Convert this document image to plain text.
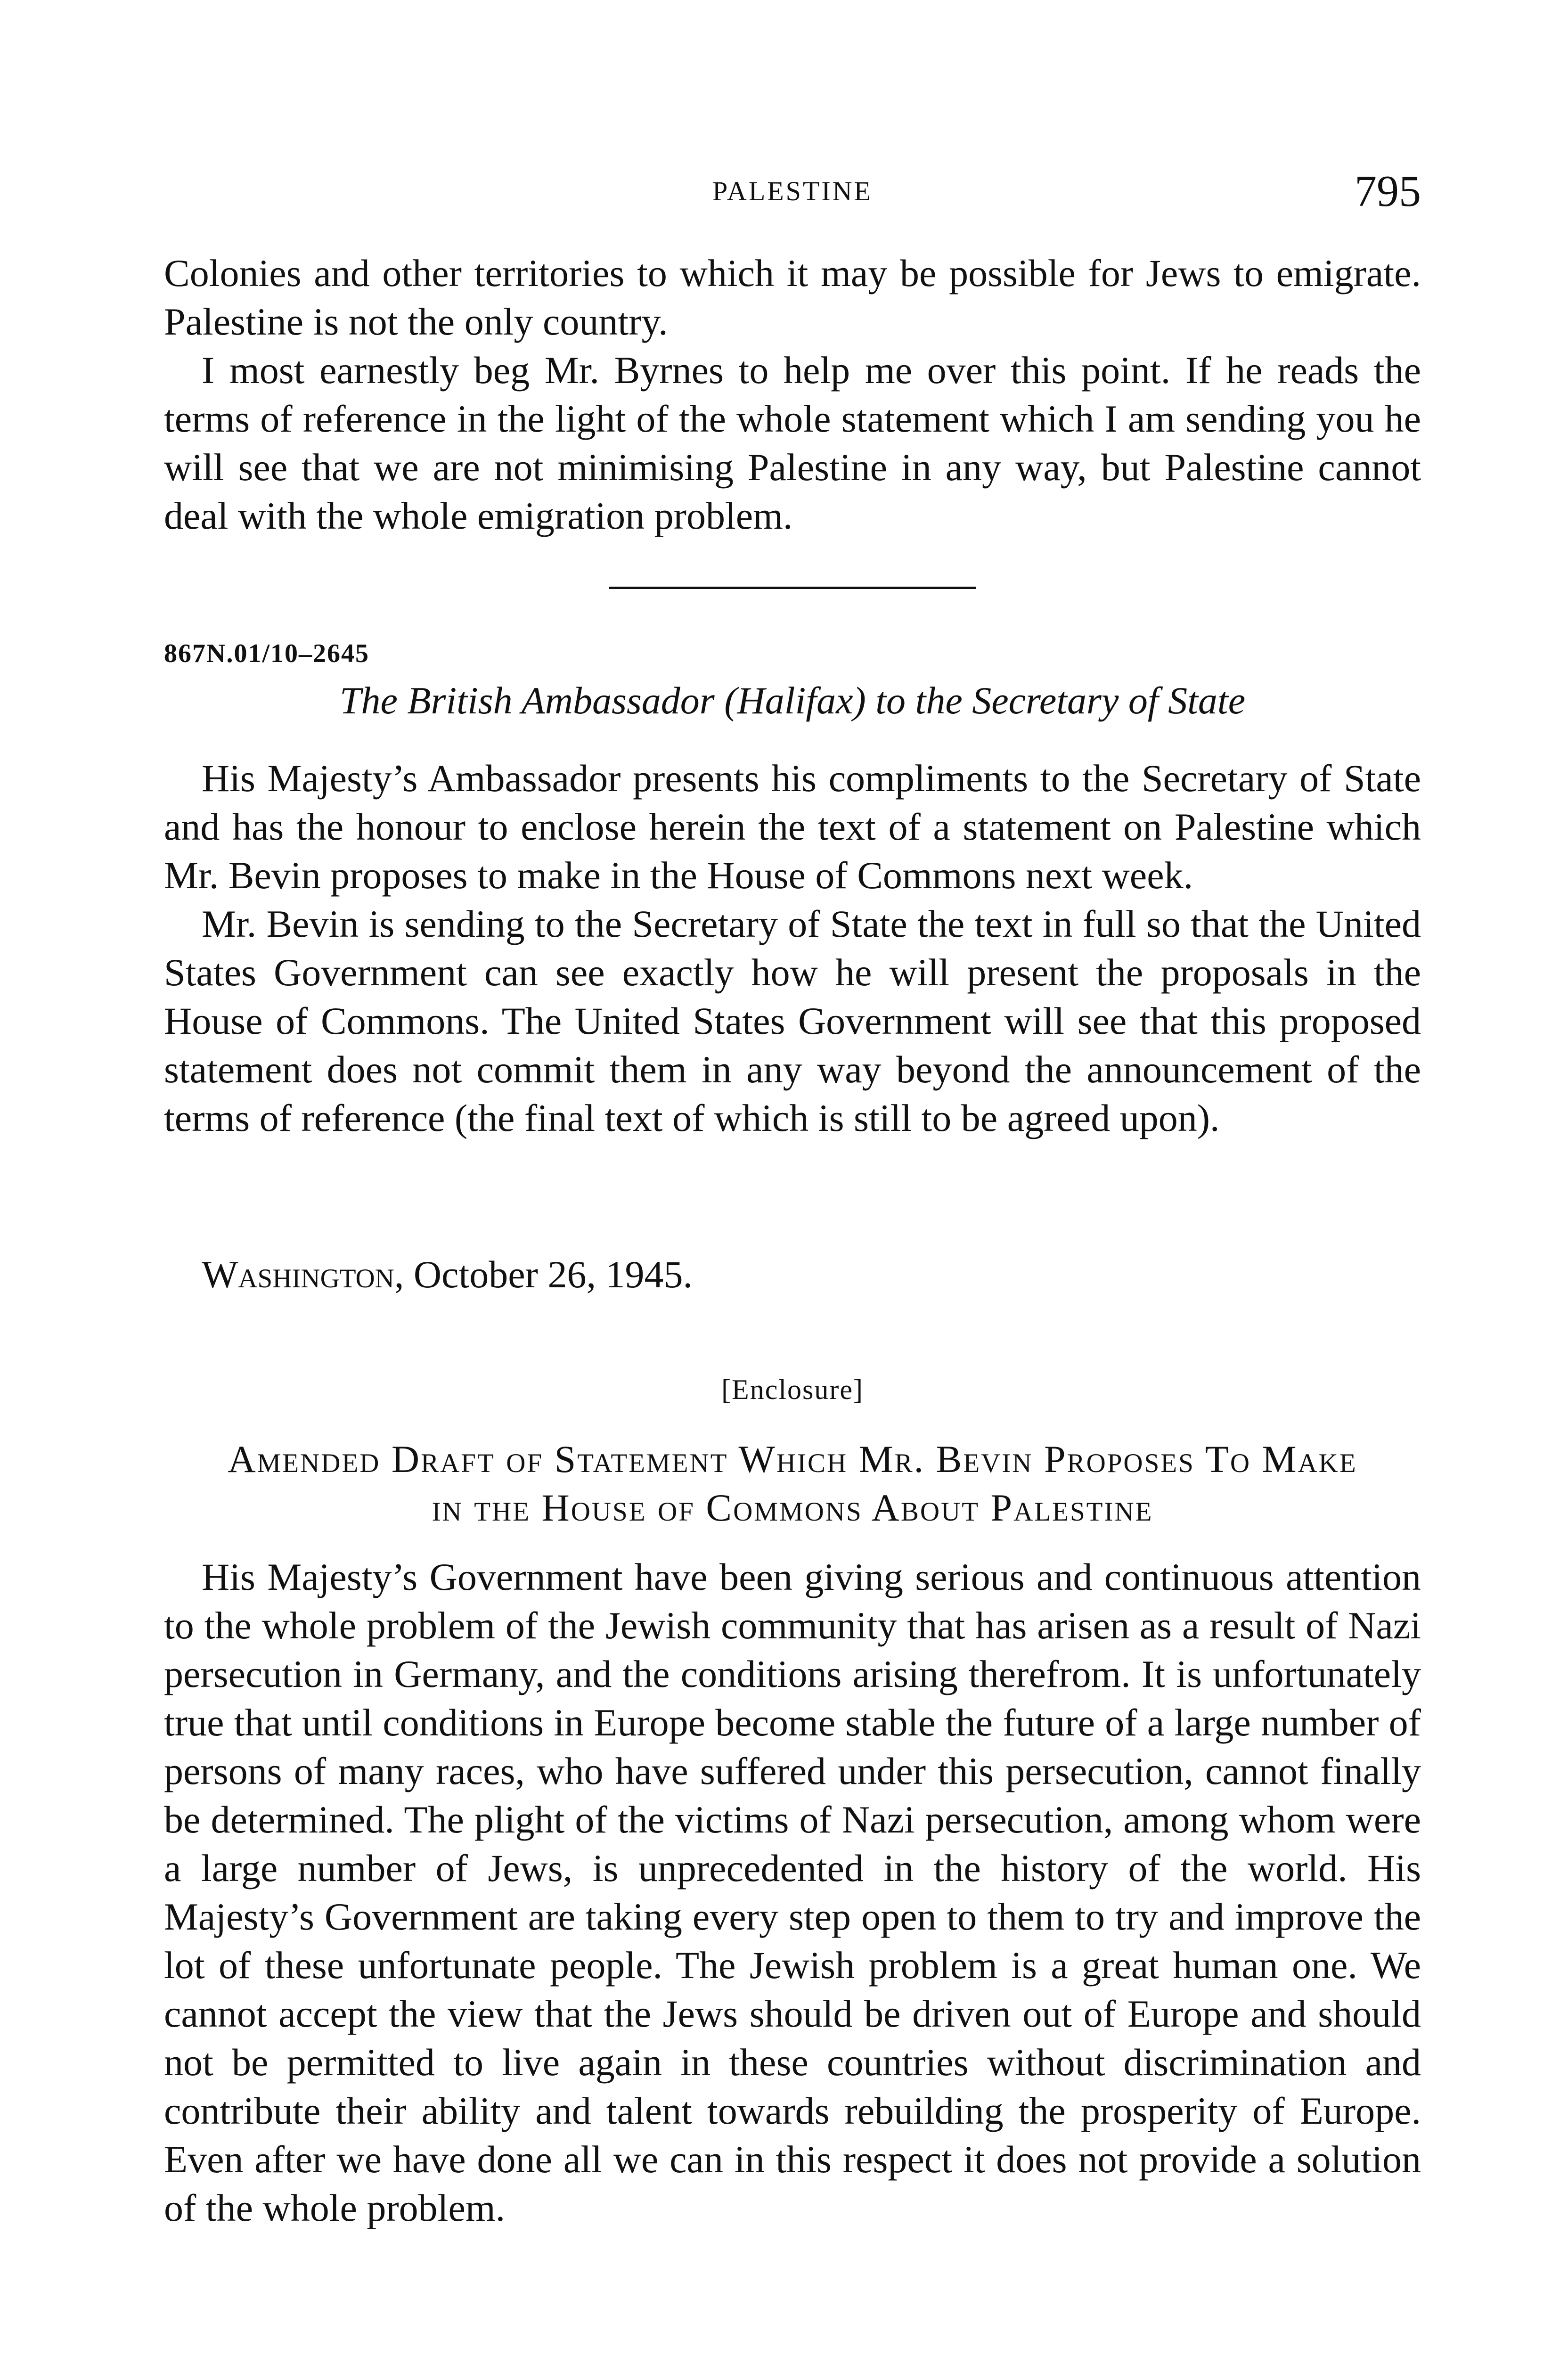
PALESTINE	795

Colonies and other territories to which it may be possible for Jews to emigrate. Palestine is not the only country.

I most earnestly beg Mr. Byrnes to help me over this point. If he reads the terms of reference in the light of the whole statement which I am sending you he will see that we are not minimising Palestine in any way, but Palestine cannot deal with the whole emigration problem.

867N.01/10–2645
The British Ambassador (Halifax) to the Secretary of State

His Majesty’s Ambassador presents his compliments to the Secretary of State and has the honour to enclose herein the text of a statement on Palestine which Mr. Bevin proposes to make in the House of Commons next week.

Mr. Bevin is sending to the Secretary of State the text in full so that the United States Government can see exactly how he will present the proposals in the House of Commons. The United States Government will see that this proposed statement does not commit them in any way beyond the announcement of the terms of reference (the final text of which is still to be agreed upon).

Washington, October 26, 1945.
[Enclosure]
Amended Draft of Statement Which Mr. Bevin Proposes To Make
in the House of Commons About Palestine

His Majesty’s Government have been giving serious and continuous attention to the whole problem of the Jewish community that has arisen as a result of Nazi persecution in Germany, and the conditions arising therefrom. It is unfortunately true that until conditions in Europe become stable the future of a large number of persons of many races, who have suffered under this persecution, cannot finally be determined. The plight of the victims of Nazi persecution, among whom were a large number of Jews, is unprecedented in the history of the world. His Majesty’s Government are taking every step open to them to try and improve the lot of these unfortunate people. The Jewish problem is a great human one. We cannot accept the view that the Jews should be driven out of Europe and should not be permitted to live again in these countries without discrimination and contribute their ability and talent towards rebuilding the prosperity of Europe. Even after we have done all we can in this respect it does not provide a solution of the whole problem.
